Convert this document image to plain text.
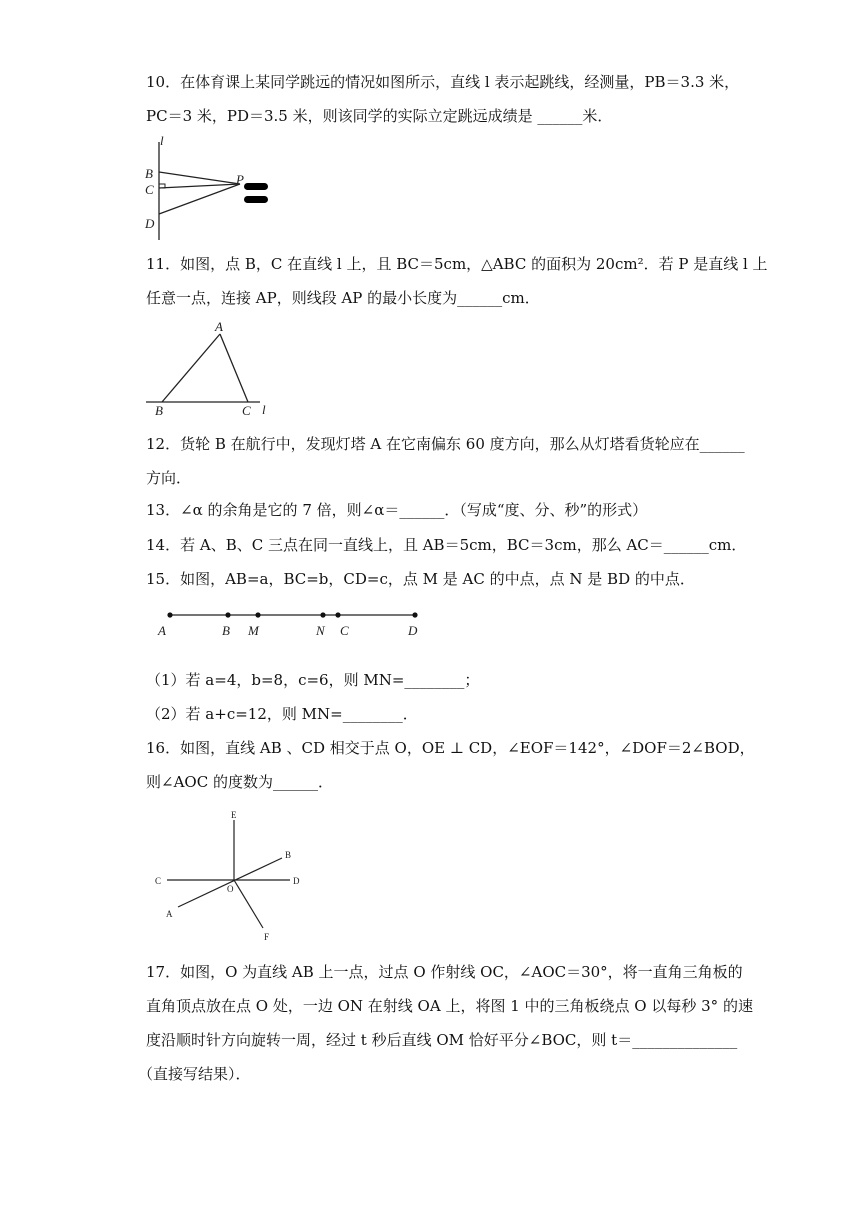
10．在体育课上某同学跳远的情况如图所示，直线 l 表示起跳线，经测量，PB＝3.3 米，
PC＝3 米，PD＝3.5 米，则该同学的实际立定跳远成绩是 ______米．
l
B
C
D
P
11．如图，点 B，C 在直线 l 上，且 BC＝5cm，△ABC 的面积为 20cm²．若 P 是直线 l 上
任意一点，连接 AP，则线段 AP 的最小长度为______cm．
A
B	C l
12．货轮 B 在航行中，发现灯塔 A 在它南偏东 60 度方向，那么从灯塔看货轮应在______
方向．
13．∠α 的余角是它的 7 倍，则∠α＝______．（写成“度、分、秒”的形式）
14．若 A、B、C 三点在同一直线上，且 AB＝5cm，BC＝3cm，那么 AC＝______cm．
15．如图，AB=a，BC=b，CD=c，点 M 是 AC 的中点，点 N 是 BD 的中点．
A	B M	N C	D
（1）若 a=4，b=8，c=6，则 MN=________；
（2）若 a+c=12，则 MN=________．
16．如图，直线 AB 、CD 相交于点 O，OE ⊥ CD，∠EOF＝142°，∠DOF＝2∠BOD，
则∠AOC 的度数为______．
E
B
C
O
D
A
F
17．如图，O 为直线 AB 上一点，过点 O 作射线 OC，∠AOC＝30°，将一直角三角板的
直角顶点放在点 O 处，一边 ON 在射线 OA 上，将图 1 中的三角板绕点 O 以每秒 3° 的速
度沿顺时针方向旋转一周，经过 t 秒后直线 OM 恰好平分∠BOC，则 t＝______________
（直接写结果）．
